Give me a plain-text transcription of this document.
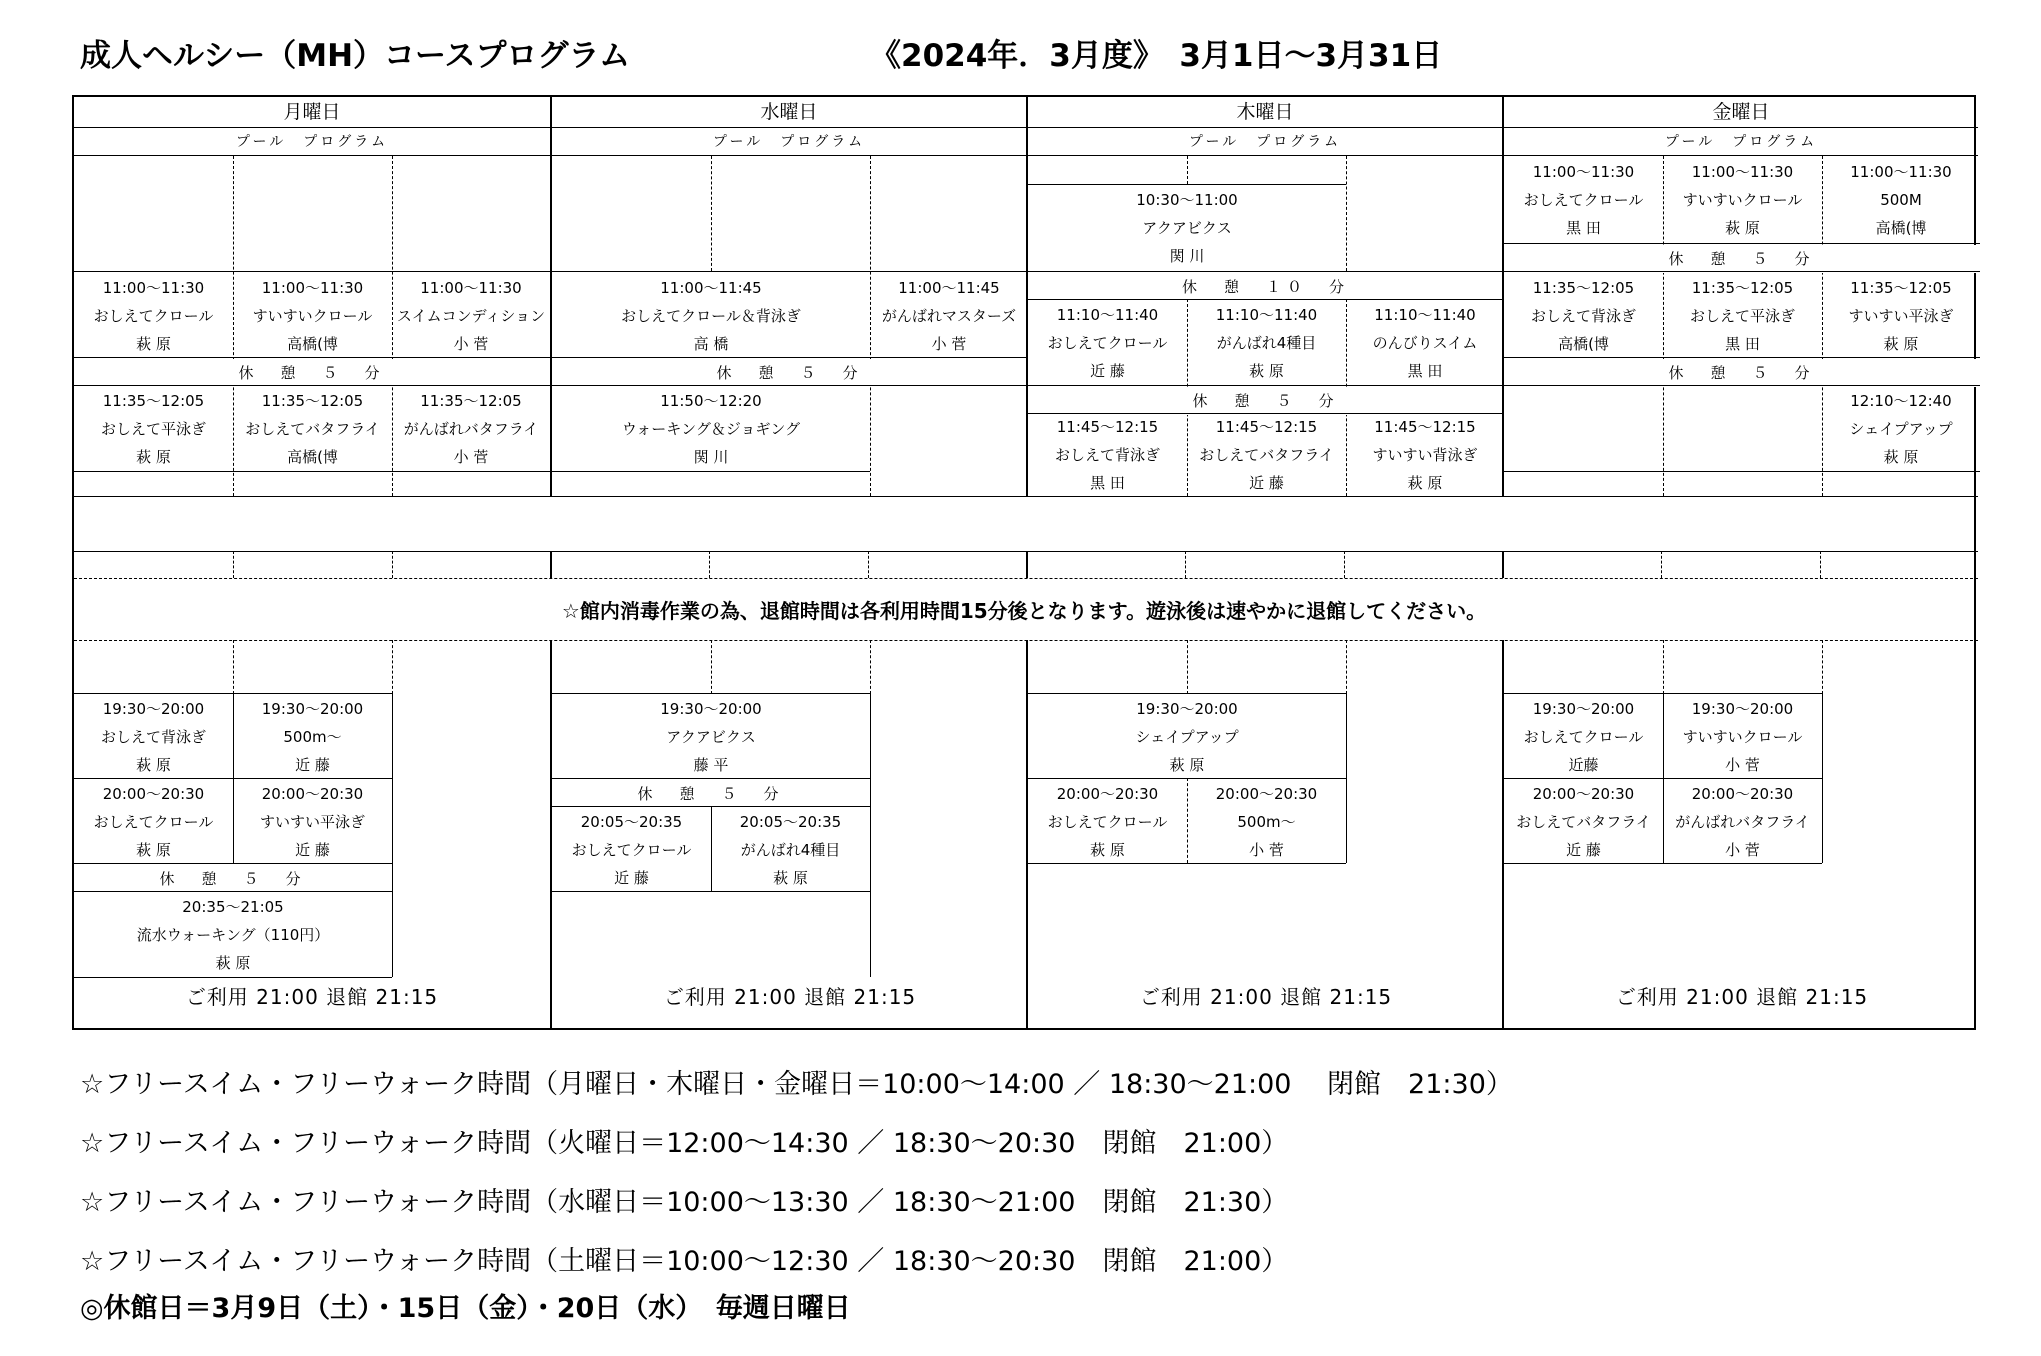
成人ヘルシー（MH）コースプログラム	《2024年．3月度》　3月1日～3月31日
月曜日
プール　プログラム
11:00～11:30
おしえてクロール
萩 原
11:00～11:30
すいすいクロール
高橋(博
11:00～11:30
スイムコンディション
小 菅
休　憩　５　分
11:35～12:05
おしえて平泳ぎ
萩 原
11:35～12:05
おしえてバタフライ
高橋(博
11:35～12:05
がんばれバタフライ
小 菅
19:30～20:00
おしえて背泳ぎ
萩 原
19:30～20:00
500m～
近 藤
20:00～20:30
おしえてクロール
萩 原
20:00～20:30
すいすい平泳ぎ
近 藤
休　憩　５　分
20:35～21:05
流水ウォーキング（110円）
萩 原
ご利用 21:00 退館 21:15
水曜日
プール　プログラム
11:00～11:45
おしえてクロール＆背泳ぎ
高 橋
11:00～11:45
がんばれマスターズ
小 菅
休　憩　５　分
11:50～12:20
ウォーキング＆ジョギング
関 川
19:30～20:00
アクアビクス
藤 平
休　憩　５　分
20:05～20:35
おしえてクロール
近 藤
20:05～20:35
がんばれ4種目
萩 原
ご利用 21:00 退館 21:15
木曜日
プール　プログラム
10:30～11:00
アクアビクス
関 川
休　憩　１０　分
11:10～11:40
おしえてクロール
近 藤
11:10～11:40
がんばれ4種目
萩 原
11:10～11:40
のんびりスイム
黒 田
休　憩　５　分
11:45～12:15
おしえて背泳ぎ
黒 田
11:45～12:15
おしえてバタフライ
近 藤
11:45～12:15
すいすい背泳ぎ
萩 原
19:30～20:00
シェイプアップ
萩 原
20:00～20:30
おしえてクロール
萩 原
20:00～20:30
500m～
小 菅
ご利用 21:00 退館 21:15
金曜日
プール　プログラム
11:00～11:30
おしえてクロール
黒 田
11:00～11:30
すいすいクロール
萩 原
11:00～11:30
500M
高橋(博
休　憩　５　分
11:35～12:05
おしえて背泳ぎ
高橋(博
11:35～12:05
おしえて平泳ぎ
黒 田
11:35～12:05
すいすい平泳ぎ
萩 原
休　憩　５　分
12:10～12:40
シェイプアップ
萩 原
19:30～20:00
おしえてクロール
近藤
19:30～20:00
すいすいクロール
小 菅
20:00～20:30
おしえてバタフライ
近 藤
20:00～20:30
がんばれバタフライ
小 菅
ご利用 21:00 退館 21:15
☆館内消毒作業の為、退館時間は各利用時間15分後となります。遊泳後は速やかに退館してください。
☆フリースイム・フリーウォーク時間（月曜日・木曜日・金曜日＝10:00～14:00 ／ 18:30～21:00　 閉館　21:30）
☆フリースイム・フリーウォーク時間（火曜日＝12:00～14:30 ／ 18:30～20:30　閉館　21:00）
☆フリースイム・フリーウォーク時間（水曜日＝10:00～13:30 ／ 18:30～21:00　閉館　21:30）
☆フリースイム・フリーウォーク時間（土曜日＝10:00～12:30 ／ 18:30～20:30　閉館　21:00）
◎休館日＝3月9日（土）・15日（金）・20日（水）　毎週日曜日
